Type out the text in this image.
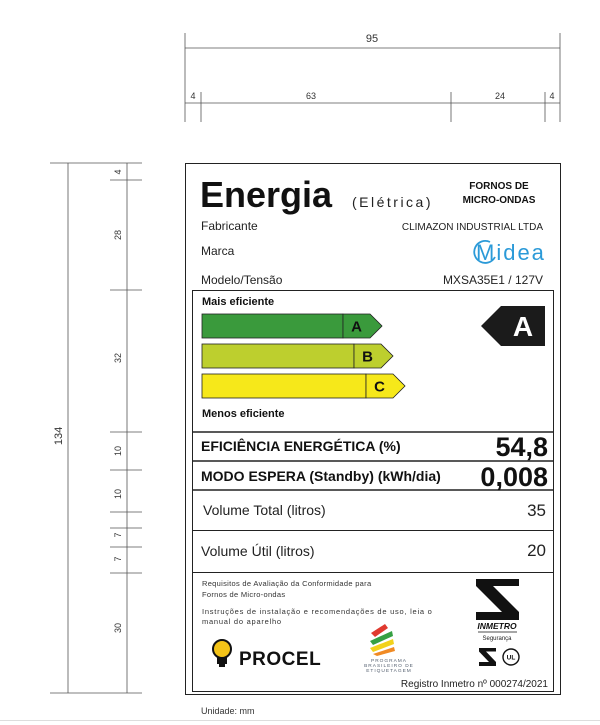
95
4	63	24	4
134
4
28
32
10
10
7
7
30
Energia (Elétrica)
FORNOS DE
MICRO-ONDAS
Fabricante	CLIMAZON INDUSTRIAL LTDA
Marca	Midea
Modelo/Tensão	MXSA35E1 / 127V
Mais eficiente
A
B
C
A
Menos eficiente
EFICIÊNCIA ENERGÉTICA (%)	54,8
MODO ESPERA (Standby) (kWh/dia) 0,008
Volume Total (litros)	35
Volume Útil (litros)	20
Requisitos de Avaliação da Conformidade para
Fornos de Micro-ondas
Instruções de instalação e recomendações de uso, leia o
manual do aparelho
PROCEL	PROGRAMA
BRASILEIRO DE
ETIQUETAGEM
INMETRO
Segurança
UL
Registro Inmetro nº 000274/2021
Unidade: mm
